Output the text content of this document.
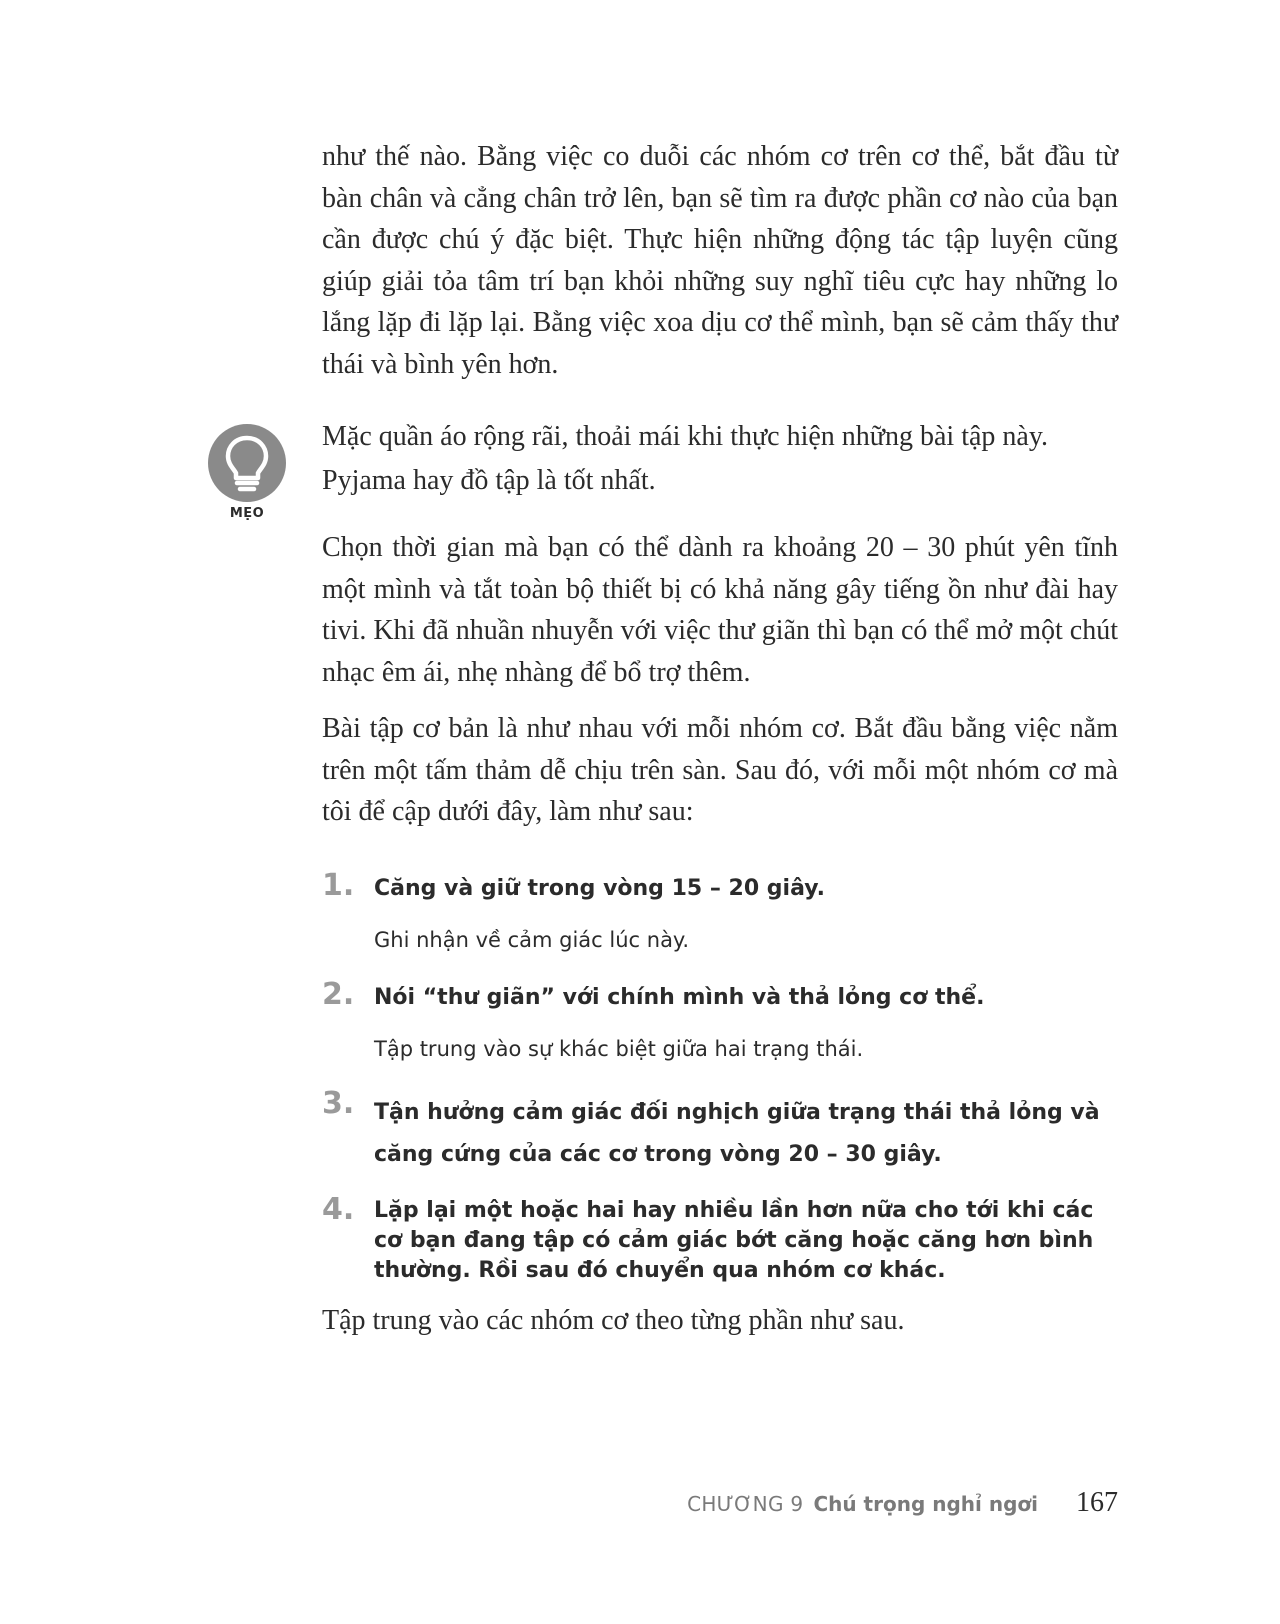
như thế nào. Bằng việc co duỗi các nhóm cơ trên cơ thể, bắt đầu từ bàn chân và cẳng chân trở lên, bạn sẽ tìm ra được phần cơ nào của bạn cần được chú ý đặc biệt. Thực hiện những động tác tập luyện cũng giúp giải tỏa tâm trí bạn khỏi những suy nghĩ tiêu cực hay những lo lắng lặp đi lặp lại. Bằng việc xoa dịu cơ thể mình, bạn sẽ cảm thấy thư thái và bình yên hơn.

MẸO

Mặc quần áo rộng rãi, thoải mái khi thực hiện những bài tập này. Pyjama hay đồ tập là tốt nhất.

Chọn thời gian mà bạn có thể dành ra khoảng 20 – 30 phút yên tĩnh một mình và tắt toàn bộ thiết bị có khả năng gây tiếng ồn như đài hay tivi. Khi đã nhuần nhuyễn với việc thư giãn thì bạn có thể mở một chút nhạc êm ái, nhẹ nhàng để bổ trợ thêm.

Bài tập cơ bản là như nhau với mỗi nhóm cơ. Bắt đầu bằng việc nằm trên một tấm thảm dễ chịu trên sàn. Sau đó, với mỗi một nhóm cơ mà tôi để cập dưới đây, làm như sau:

1. Căng và giữ trong vòng 15 – 20 giây.
Ghi nhận về cảm giác lúc này.
2. Nói “thư giãn” với chính mình và thả lỏng cơ thể.
Tập trung vào sự khác biệt giữa hai trạng thái.
3. Tận hưởng cảm giác đối nghịch giữa trạng thái thả lỏng và căng cứng của các cơ trong vòng 20 – 30 giây.
4. Lặp lại một hoặc hai hay nhiều lần hơn nữa cho tới khi các cơ bạn đang tập có cảm giác bớt căng hoặc căng hơn bình thường. Rồi sau đó chuyển qua nhóm cơ khác.

Tập trung vào các nhóm cơ theo từng phần như sau.

CHƯƠNG 9 Chú trọng nghỉ ngơi 167
